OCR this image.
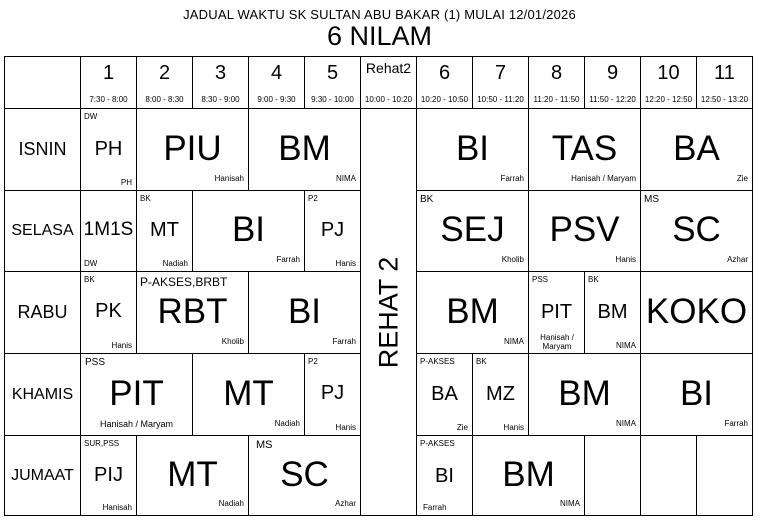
JADUAL WAKTU SK SULTAN ABU BAKAR (1) MULAI 12/01/2026
6 NILAM
1
7:30 - 8:00
2
8:00 - 8:30
3
8:30 - 9:00
4
9:00 - 9:30
5
9:30 - 10:00
Rehat2
10:00 - 10:20
6
10:20 - 10:50
7
10:50 - 11:20
8
11:20 - 11:50
9
11:50 - 12:20
10
12:20 - 12:50
11
12:50 - 13:20
REHAT 2
ISNIN
SELASA
RABU
KHAMIS
JUMAAT
DW
PH
PH
PIU
Hanisah
BM
NIMA
BI
Farrah
TAS
Hanisah / Maryam
BA
Zie
1M1S
DW
BK
MT
Nadiah
BI
Farrah
P2
PJ
Hanis
BK
SEJ
Kholib
PSV
Hanis
MS
SC
Azhar
BK
PK
Hanis
P-AKSES,BRBT
RBT
Kholib
BI
Farrah
BM
NIMA
PSS
PIT
Hanisah / Maryam
BK
BM
NIMA
KOKO
PSS
PIT
Hanisah / Maryam
MT
Nadiah
P2
PJ
Hanis
P-AKSES
BA
Zie
BK
MZ
Hanis
BM
NIMA
BI
Farrah
SUR,PSS
PIJ
Hanisah
MT
Nadiah
MS
SC
Azhar
P-AKSES
BI
Farrah
BM
NIMA
